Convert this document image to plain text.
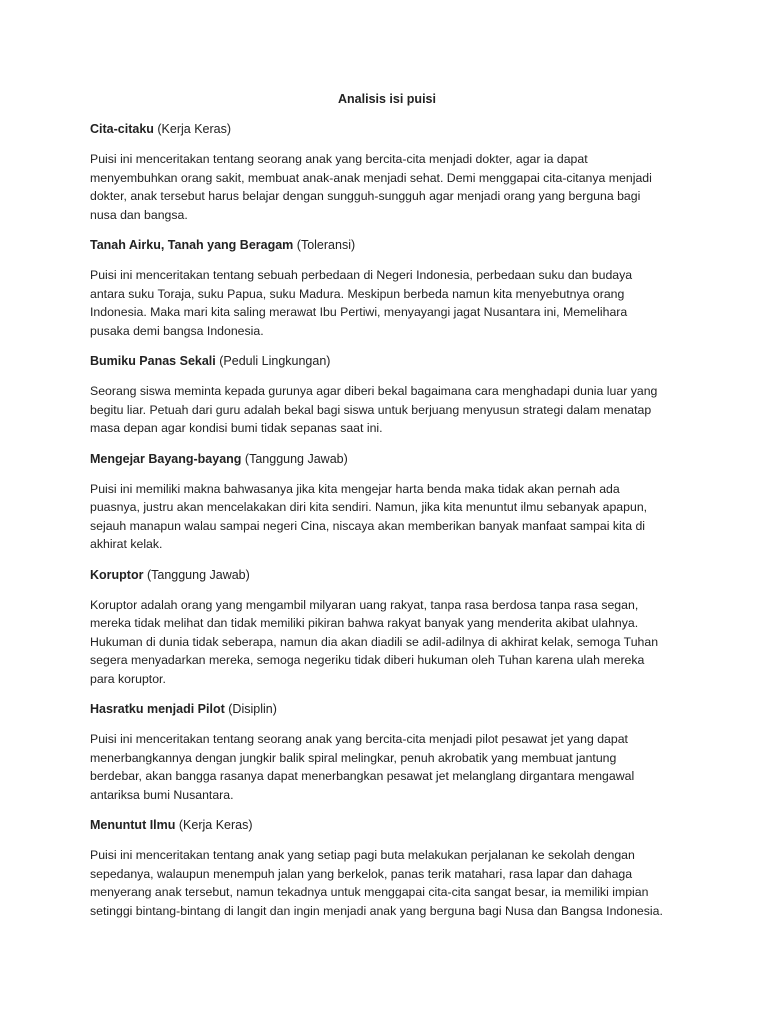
Analisis isi puisi
Cita-citaku (Kerja Keras)
Puisi ini menceritakan tentang seorang anak yang bercita-cita menjadi dokter, agar ia dapat
menyembuhkan orang sakit, membuat anak-anak menjadi sehat. Demi menggapai cita-citanya menjadi
dokter, anak tersebut harus belajar dengan sungguh-sungguh agar menjadi orang yang berguna bagi
nusa dan bangsa.
Tanah Airku, Tanah yang Beragam (Toleransi)
Puisi ini menceritakan tentang sebuah perbedaan di Negeri Indonesia, perbedaan suku dan budaya
antara suku Toraja, suku Papua, suku Madura. Meskipun berbeda namun kita menyebutnya orang
Indonesia. Maka mari kita saling merawat Ibu Pertiwi, menyayangi jagat Nusantara ini, Memelihara
pusaka demi bangsa Indonesia.
Bumiku Panas Sekali (Peduli Lingkungan)
Seorang siswa meminta kepada gurunya agar diberi bekal bagaimana cara menghadapi dunia luar yang
begitu liar. Petuah dari guru adalah bekal bagi siswa untuk berjuang menyusun strategi dalam menatap
masa depan agar kondisi bumi tidak sepanas saat ini.
Mengejar Bayang-bayang (Tanggung Jawab)
Puisi ini memiliki makna bahwasanya jika kita mengejar harta benda maka tidak akan pernah ada
puasnya, justru akan mencelakakan diri kita sendiri. Namun, jika kita menuntut ilmu sebanyak apapun,
sejauh manapun walau sampai negeri Cina, niscaya akan memberikan banyak manfaat sampai kita di
akhirat kelak.
Koruptor (Tanggung Jawab)
Koruptor adalah orang yang mengambil milyaran uang rakyat, tanpa rasa berdosa tanpa rasa segan,
mereka tidak melihat dan tidak memiliki pikiran bahwa rakyat banyak yang menderita akibat ulahnya.
Hukuman di dunia tidak seberapa, namun dia akan diadili se adil-adilnya di akhirat kelak, semoga Tuhan
segera menyadarkan mereka, semoga negeriku tidak diberi hukuman oleh Tuhan karena ulah mereka
para koruptor.
Hasratku menjadi Pilot (Disiplin)
Puisi ini menceritakan tentang seorang anak yang bercita-cita menjadi pilot pesawat jet yang dapat
menerbangkannya dengan jungkir balik spiral melingkar, penuh akrobatik yang membuat jantung
berdebar, akan bangga rasanya dapat menerbangkan pesawat jet melanglang dirgantara mengawal
antariksa bumi Nusantara.
Menuntut Ilmu (Kerja Keras)
Puisi ini menceritakan tentang anak yang setiap pagi buta melakukan perjalanan ke sekolah dengan
sepedanya, walaupun menempuh jalan yang berkelok, panas terik matahari, rasa lapar dan dahaga
menyerang anak tersebut, namun tekadnya untuk menggapai cita-cita sangat besar, ia memiliki impian
setinggi bintang-bintang di langit dan ingin menjadi anak yang berguna bagi Nusa dan Bangsa Indonesia.
